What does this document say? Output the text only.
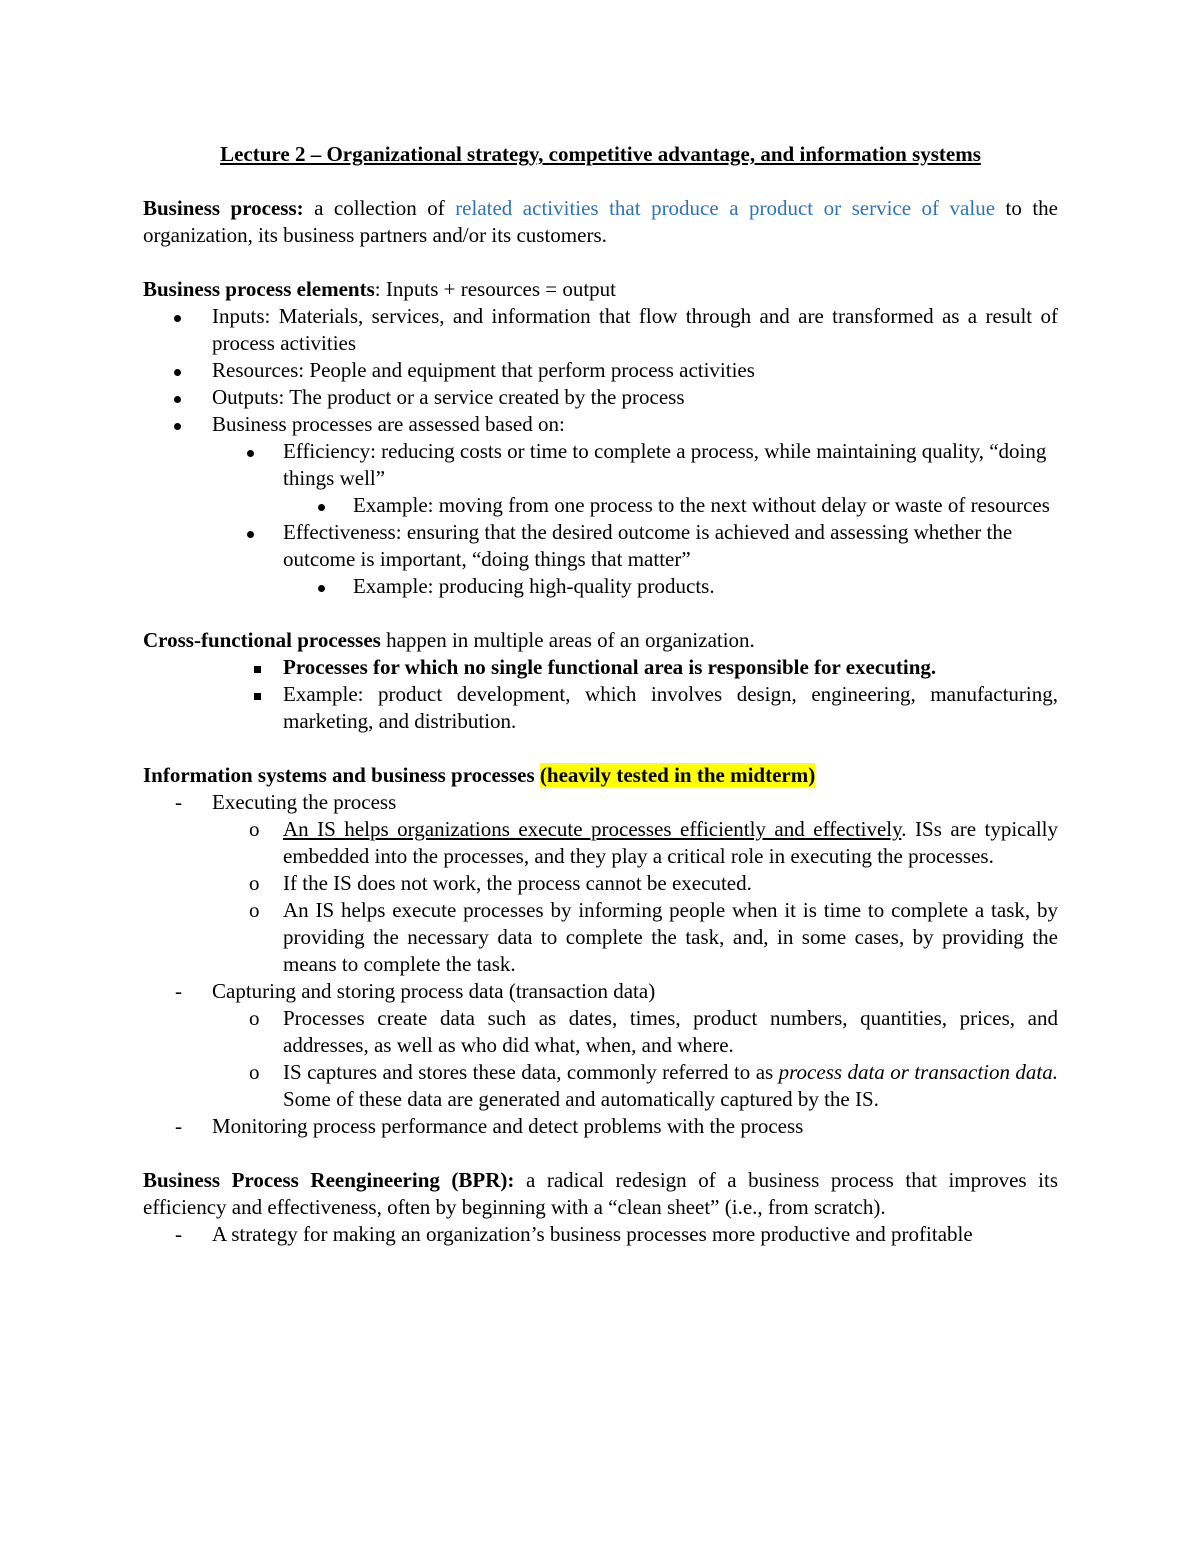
Lecture 2 – Organizational strategy, competitive advantage, and information systems

Business process: a collection of related activities that produce a product or service of value to the organization, its business partners and/or its customers.

Business process elements: Inputs + resources = output

Inputs: Materials, services, and information that flow through and are transformed as a result of process activities
Resources: People and equipment that perform process activities
Outputs: The product or a service created by the process
Business processes are assessed based on:
Efficiency: reducing costs or time to complete a process, while maintaining quality, “doing things well”
Example: moving from one process to the next without delay or waste of resources
Effectiveness: ensuring that the desired outcome is achieved and assessing whether the outcome is important, “doing things that matter”
Example: producing high-quality products.

Cross-functional processes happen in multiple areas of an organization.

Processes for which no single functional area is responsible for executing.
Example: product development, which involves design, engineering, manufacturing, marketing, and distribution.

Information systems and business processes (heavily tested in the midterm)

- Executing the process
o An IS helps organizations execute processes efficiently and effectively. ISs are typically embedded into the processes, and they play a critical role in executing the processes.
o If the IS does not work, the process cannot be executed.
o An IS helps execute processes by informing people when it is time to complete a task, by providing the necessary data to complete the task, and, in some cases, by providing the means to complete the task.
- Capturing and storing process data (transaction data)
o Processes create data such as dates, times, product numbers, quantities, prices, and addresses, as well as who did what, when, and where.
o IS captures and stores these data, commonly referred to as process data or transaction data. Some of these data are generated and automatically captured by the IS.
- Monitoring process performance and detect problems with the process

Business Process Reengineering (BPR): a radical redesign of a business process that improves its efficiency and effectiveness, often by beginning with a “clean sheet” (i.e., from scratch).

- A strategy for making an organization’s business processes more productive and profitable
